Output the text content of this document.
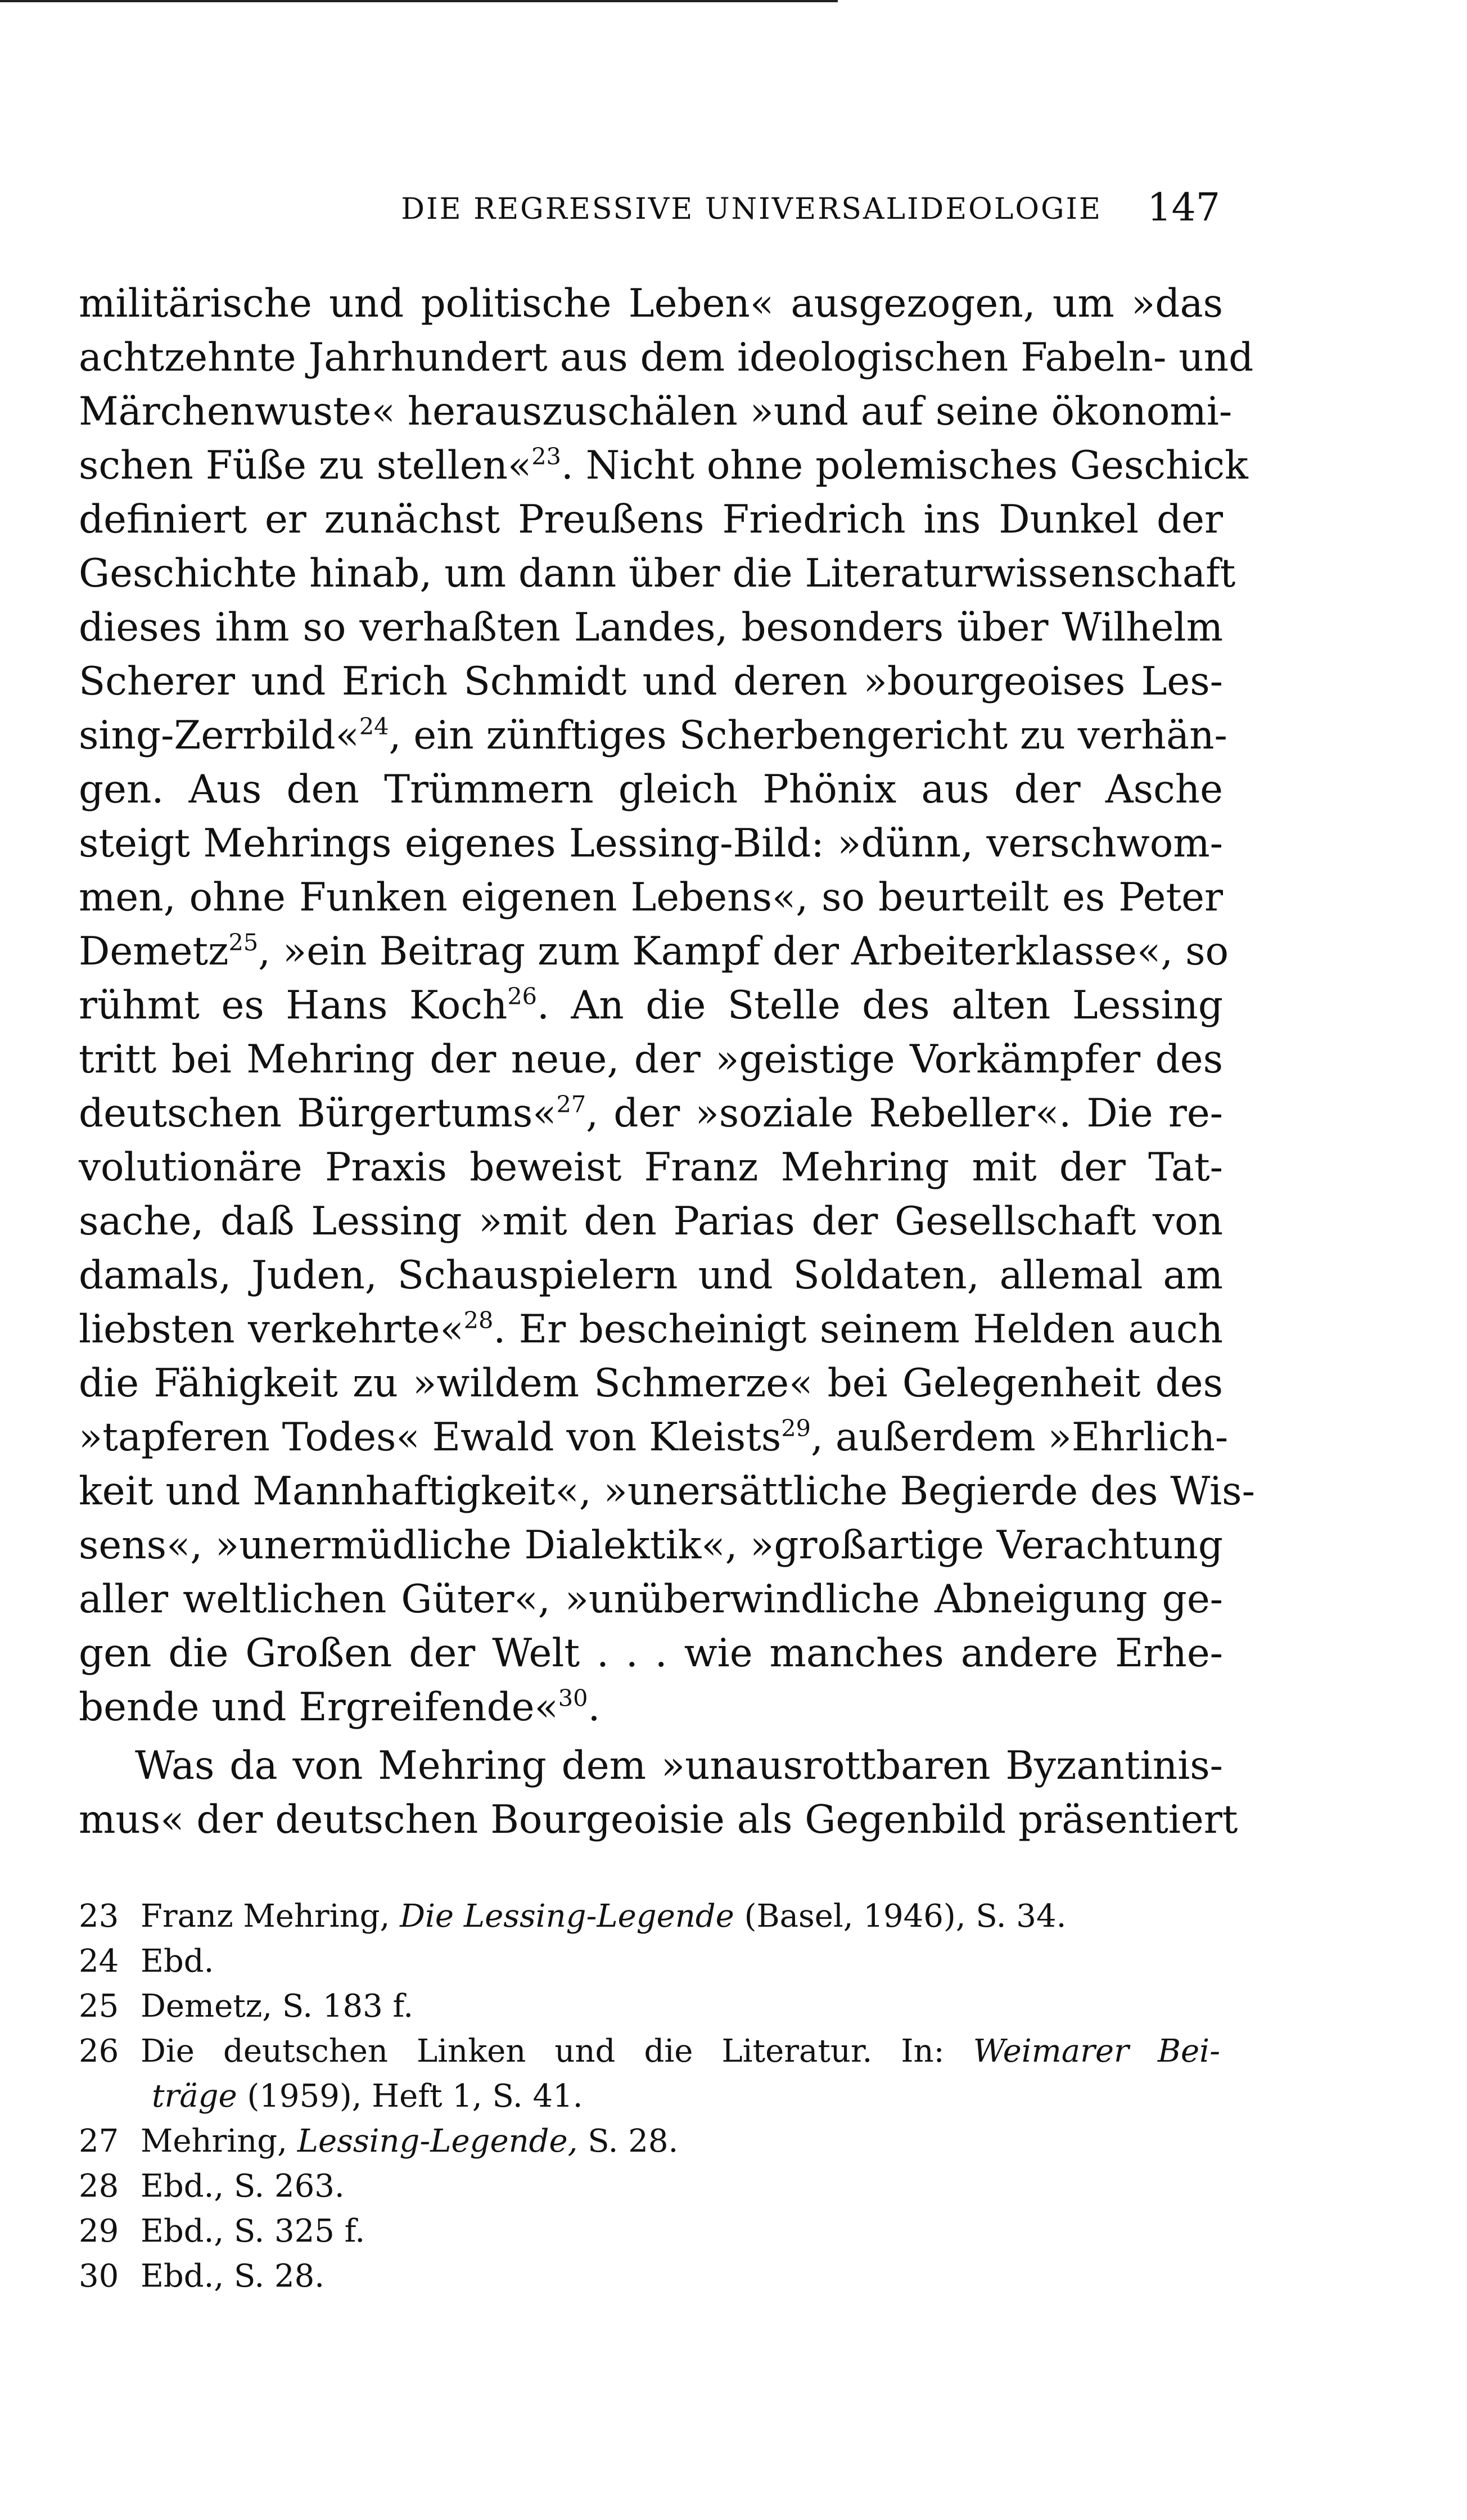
DIE REGRESSIVE UNIVERSALIDEOLOGIE 147
militärische und politische Leben« ausgezogen, um »das
achtzehnte Jahrhundert aus dem ideologischen Fabeln- und
Märchenwuste« herauszuschälen »und auf seine ökonomi-
schen Füße zu stellen«$^{23}$. Nicht ohne polemisches Geschick
definiert er zunächst Preußens Friedrich ins Dunkel der
Geschichte hinab, um dann über die Literaturwissenschaft
dieses ihm so verhaßten Landes, besonders über Wilhelm
Scherer und Erich Schmidt und deren »bourgeoises Les-
sing-Zerrbild«$^{24}$, ein zünftiges Scherbengericht zu verhän-
gen. Aus den Trümmern gleich Phönix aus der Asche
steigt Mehrings eigenes Lessing-Bild: »dünn, verschwom-
men, ohne Funken eigenen Lebens«, so beurteilt es Peter
Demetz$^{25}$, »ein Beitrag zum Kampf der Arbeiterklasse«, so
rühmt es Hans Koch$^{26}$. An die Stelle des alten Lessing
tritt bei Mehring der neue, der »geistige Vorkämpfer des
deutschen Bürgertums«$^{27}$, der »soziale Rebeller«. Die re-
volutionäre Praxis beweist Franz Mehring mit der Tat-
sache, daß Lessing »mit den Parias der Gesellschaft von
damals, Juden, Schauspielern und Soldaten, allemal am
liebsten verkehrte«$^{28}$. Er bescheinigt seinem Helden auch
die Fähigkeit zu »wildem Schmerze« bei Gelegenheit des
»tapferen Todes« Ewald von Kleists$^{29}$, außerdem »Ehrlich-
keit und Mannhaftigkeit«, »unersättliche Begierde des Wis-
sens«, »unermüdliche Dialektik«, »großartige Verachtung
aller weltlichen Güter«, »unüberwindliche Abneigung ge-
gen die Großen der Welt . . . wie manches andere Erhe-
bende und Ergreifende«$^{30}$.
Was da von Mehring dem »unausrottbaren Byzantinis-
mus« der deutschen Bourgeoisie als Gegenbild präsentiert
23 Franz Mehring, Die Lessing-Legende (Basel, 1946), S. 34.
24 Ebd.
25 Demetz, S. 183 f.
26 Die deutschen Linken und die Literatur. In: Weimarer Bei-
träge (1959), Heft 1, S. 41.
27 Mehring, Lessing-Legende, S. 28.
28 Ebd., S. 263.
29 Ebd., S. 325 f.
30 Ebd., S. 28.
